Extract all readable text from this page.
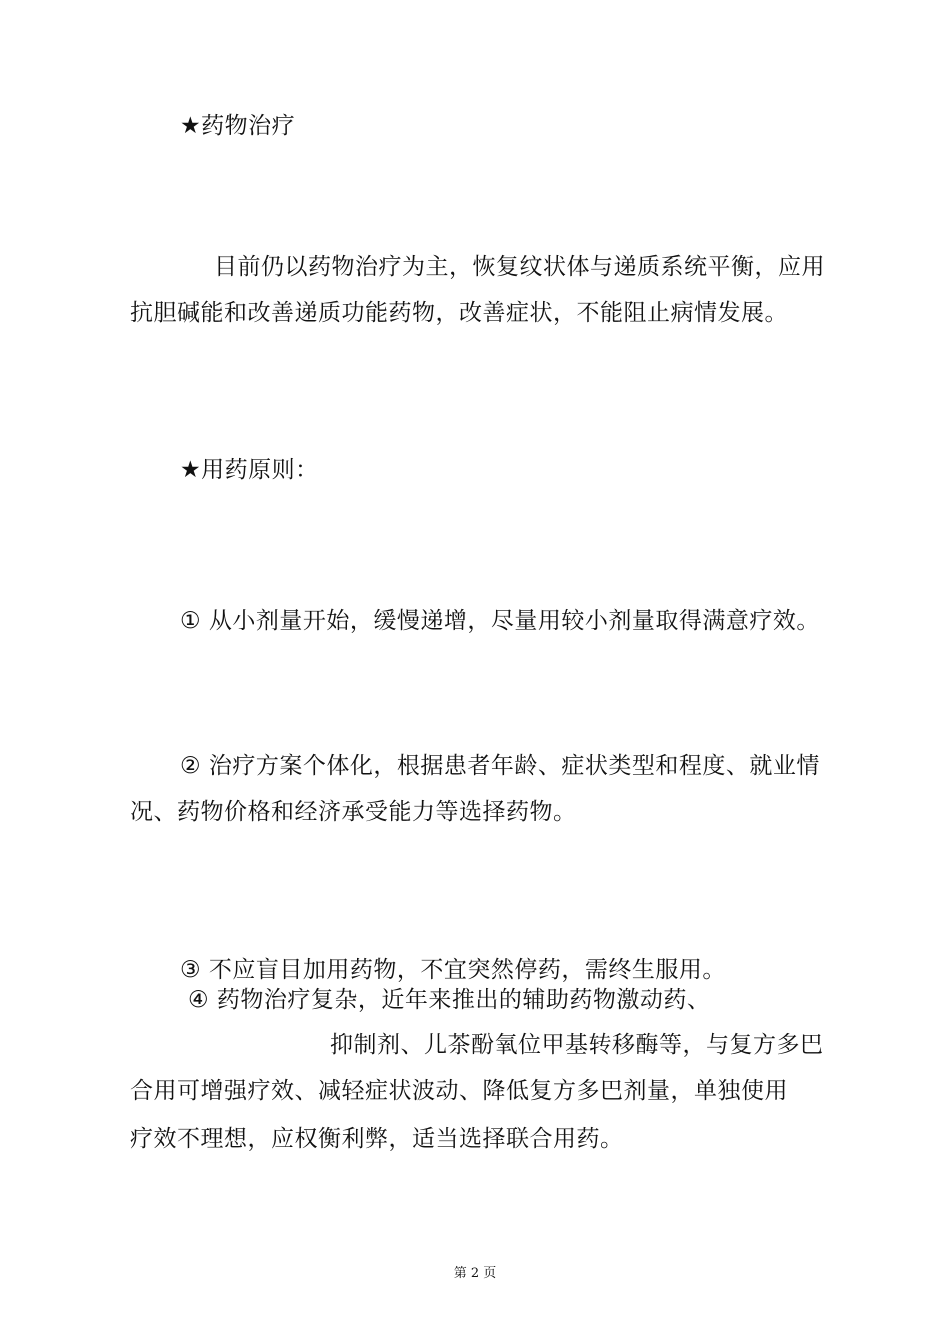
★药物治疗
目前仍以药物治疗为主，恢复纹状体与递质系统平衡，应用
抗胆碱能和改善递质功能药物，改善症状，不能阻止病情发展。
★用药原则：
① 从小剂量开始，缓慢递增，尽量用较小剂量取得满意疗效。
② 治疗方案个体化，根据患者年龄、症状类型和程度、就业情
况、药物价格和经济承受能力等选择药物。
③ 不应盲目加用药物，不宜突然停药，需终生服用。
④ 药物治疗复杂，近年来推出的辅助药物激动药、
抑制剂、儿茶酚氧位甲基转移酶等，与复方多巴
合用可增强疗效、减轻症状波动、降低复方多巴剂量，单独使用
疗效不理想，应权衡利弊，适当选择联合用药。
第 2 页
